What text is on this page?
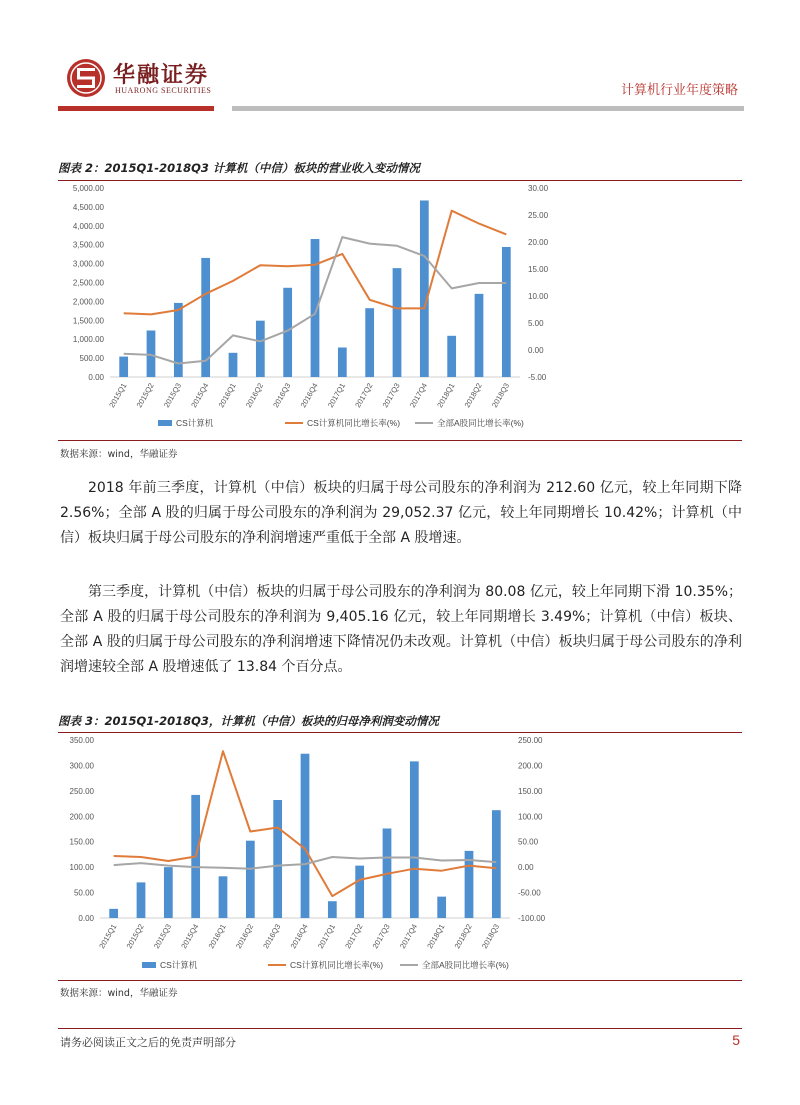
华融证券
HUARONG SECURITIES	计算机行业年度策略
图表 2：2015Q1-2018Q3 计算机（中信）板块的营业收入变动情况
0.00
500.00
1,000.00
1,500.00
2,000.00
2,500.00
3,000.00
3,500.00
4,000.00
4,500.00
5,000.00
-5.00
0.00
5.00
10.00
15.00
20.00
25.00
30.00
2015Q1 2015Q2 2015Q3 2015Q4 2016Q1 2016Q2 2016Q3 2016Q4 2017Q1 2017Q2 2017Q3 2017Q4 2018Q1 2018Q2 2018Q3
CS计算机	CS计算机同比增长率(%)	全部A股同比增长率(%)
数据来源：wind，华融证券

2018 年前三季度，计算机（中信）板块的归属于母公司股东的净利润为 212.60 亿元，较上年同期下降 2.56%；全部 A 股的归属于母公司股东的净利润为 29,052.37 亿元，较上年同期增长 10.42%；计算机（中信）板块归属于母公司股东的净利润增速严重低于全部 A 股增速。

第三季度，计算机（中信）板块的归属于母公司股东的净利润为 80.08 亿元，较上年同期下滑 10.35%；全部 A 股的归属于母公司股东的净利润为 9,405.16 亿元，较上年同期增长 3.49%；计算机（中信）板块、全部 A 股的归属于母公司股东的净利润增速下降情况仍未改观。计算机（中信）板块归属于母公司股东的净利润增速较全部 A 股增速低了 13.84 个百分点。

图表 3：2015Q1-2018Q3，计算机（中信）板块的归母净利润变动情况
0.00
50.00
100.00
150.00
200.00
250.00
300.00
350.00
-100.00
-50.00
0.00
50.00
100.00
150.00
200.00
250.00
2015Q1 2015Q2 2015Q3 2015Q4 2016Q1 2016Q2 2016Q3 2016Q4 2017Q1 2017Q2 2017Q3 2017Q4 2018Q1 2018Q2 2018Q3
CS计算机	CS计算机同比增长率(%)	全部A股同比增长率(%)
数据来源：wind，华融证券
请务必阅读正文之后的免责声明部分	5
